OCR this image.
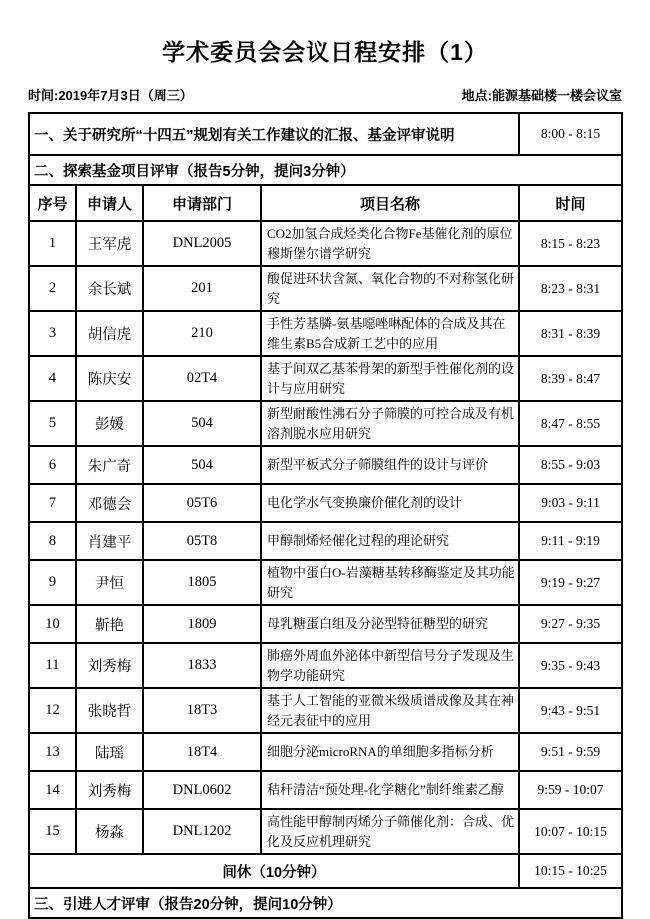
学术委员会会议日程安排（1）
时间:2019年7月3日（周三）	地点:能源基础楼一楼会议室
一、关于研究所“十四五”规划有关工作建议的汇报、基金评审说明				8:00 - 8:15
二、探索基金项目评审（报告5分钟，提问3分钟）				
序号	申请人	申请部门	项目名称	时间
1	王军虎	DNL2005	CO2加氢合成烃类化合物Fe基催化剂的原位穆斯堡尔谱学研究	8:15 - 8:23
2	余长斌	201	酸促进环状含氮、氧化合物的不对称氢化研究	8:23 - 8:31
3	胡信虎	210	手性芳基膦-氨基噁唑啉配体的合成及其在维生素B5合成新工艺中的应用	8:31 - 8:39
4	陈庆安	02T4	基于间双乙基苯骨架的新型手性催化剂的设计与应用研究	8:39 - 8:47
5	彭媛	504	新型耐酸性沸石分子筛膜的可控合成及有机溶剂脱水应用研究	8:47 - 8:55
6	朱广奇	504	新型平板式分子筛膜组件的设计与评价	8:55 - 9:03
7	邓德会	05T6	电化学水气变换廉价催化剂的设计	9:03 - 9:11
8	肖建平	05T8	甲醇制烯烃催化过程的理论研究	9:11 - 9:19
9	尹恒	1805	植物中蛋白O-岩藻糖基转移酶鉴定及其功能研究	9:19 - 9:27
10	靳艳	1809	母乳糖蛋白组及分泌型特征糖型的研究	9:27 - 9:35
11	刘秀梅	1833	肺癌外周血外泌体中新型信号分子发现及生物学功能研究	9:35 - 9:43
12	张晓哲	18T3	基于人工智能的亚微米级质谱成像及其在神经元表征中的应用	9:43 - 9:51
13	陆瑶	18T4	细胞分泌microRNA的单细胞多指标分析	9:51 - 9:59
14	刘秀梅	DNL0602	秸秆清洁“预处理-化学糖化”制纤维素乙醇	9:59 - 10:07
15	杨淼	DNL1202	高性能甲醇制丙烯分子筛催化剂：合成、优化及反应机理研究	10:07 - 10:15
间休（10分钟）				10:15 - 10:25
三、引进人才评审（报告20分钟，提问10分钟）				
